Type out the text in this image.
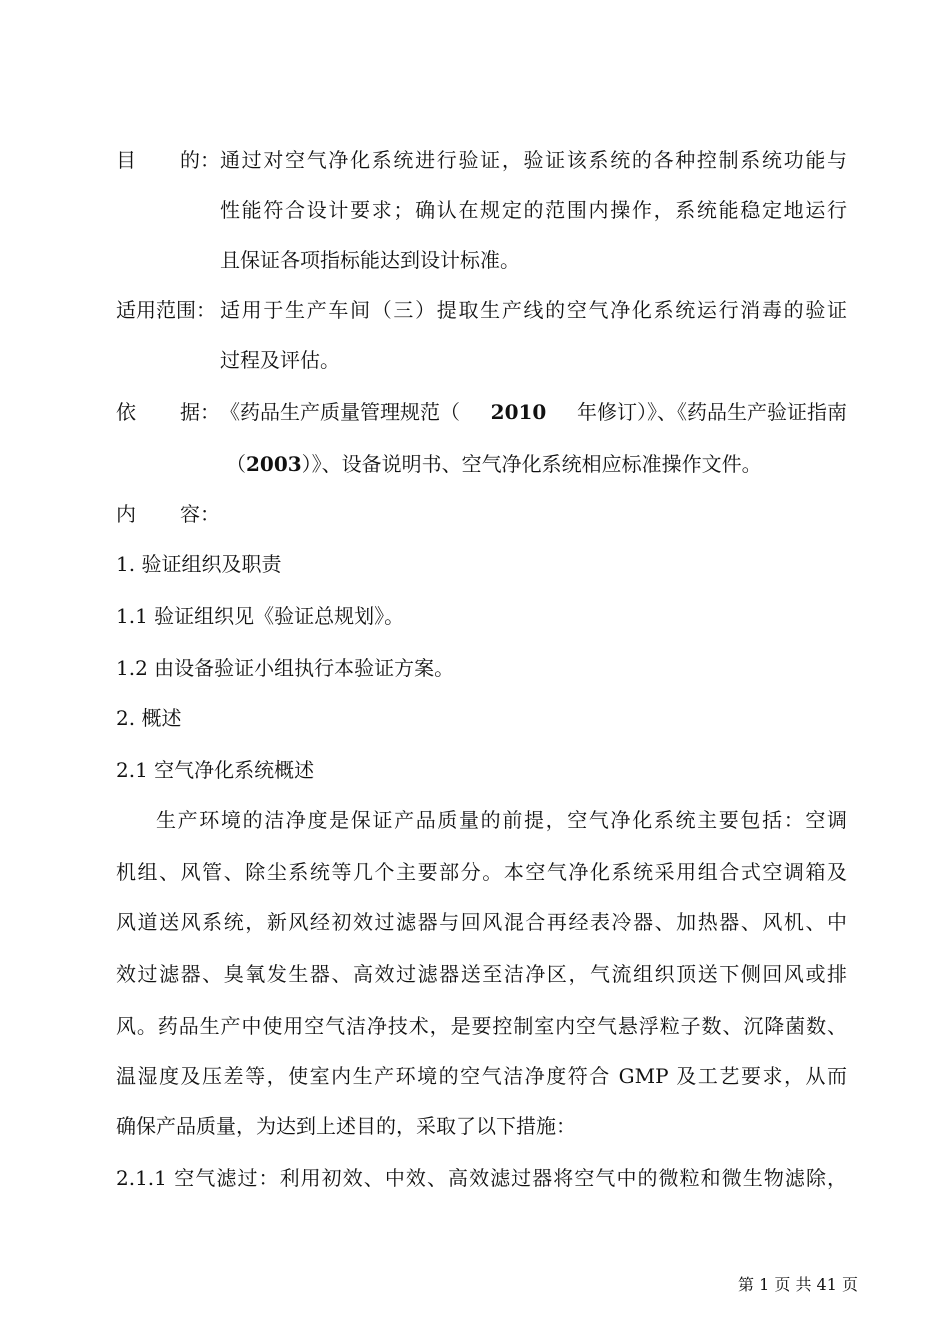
目 的： 通过对空气净化系统进行验证，验证该系统的各种控制系统功能与
性能符合设计要求；确认在规定的范围内操作，系统能稳定地运行
且保证各项指标能达到设计标准。
适用范围： 适用于生产车间（三）提取生产线的空气净化系统运行消毒的验证
过程及评估。
依 据： 《药品生产质量管理规范（ 2010 年修订）》、《药品生产验证指南
（2003）》、设备说明书、空气净化系统相应标准操作文件。
内 容：
1. 验证组织及职责
1.1 验证组织见《验证总规划》。
1.2 由设备验证小组执行本验证方案。
2. 概述
2.1 空气净化系统概述
生产环境的洁净度是保证产品质量的前提，空气净化系统主要包括：空调
机组、风管、除尘系统等几个主要部分。本空气净化系统采用组合式空调箱及
风道送风系统，新风经初效过滤器与回风混合再经表冷器、加热器、风机、中
效过滤器、臭氧发生器、高效过滤器送至洁净区，气流组织顶送下侧回风或排
风。药品生产中使用空气洁净技术，是要控制室内空气悬浮粒子数、沉降菌数、
温湿度及压差等，使室内生产环境的空气洁净度符合 GMP 及工艺要求，从而
确保产品质量，为达到上述目的，采取了以下措施：
2.1.1 空气滤过：利用初效、中效、高效滤过器将空气中的微粒和微生物滤除，
第 1 页 共 41 页
